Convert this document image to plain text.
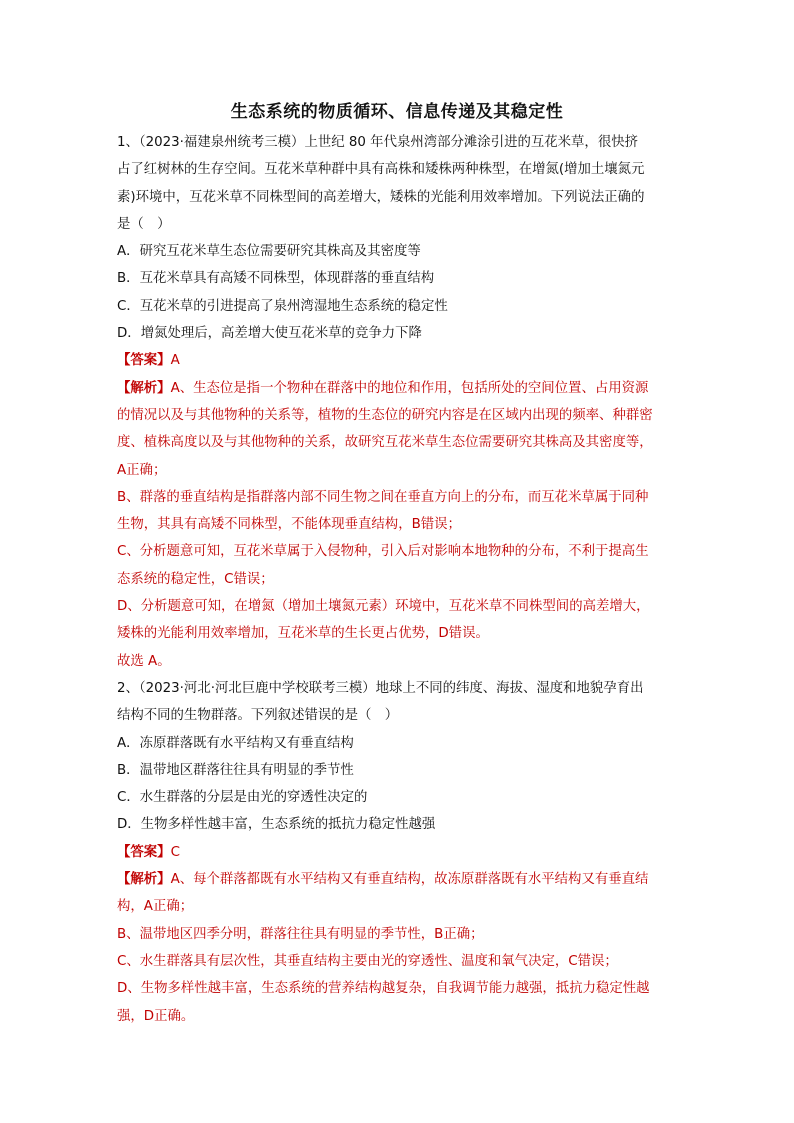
生态系统的物质循环、信息传递及其稳定性
1、（2023·福建泉州统考三模）上世纪 80 年代泉州湾部分滩涂引进的互花米草，很快挤
占了红树林的生存空间。互花米草种群中具有高株和矮株两种株型，在增氮(增加土壤氮元
素)环境中，互花米草不同株型间的高差增大，矮株的光能利用效率增加。下列说法正确的
是（　）
A．研究互花米草生态位需要研究其株高及其密度等
B．互花米草具有高矮不同株型，体现群落的垂直结构
C．互花米草的引进提高了泉州湾湿地生态系统的稳定性
D．增氮处理后，高差增大使互花米草的竞争力下降
【答案】A
【解析】A、生态位是指一个物种在群落中的地位和作用，包括所处的空间位置、占用资源
的情况以及与其他物种的关系等，植物的生态位的研究内容是在区域内出现的频率、种群密
度、植株高度以及与其他物种的关系，故研究互花米草生态位需要研究其株高及其密度等，
A正确；
B、群落的垂直结构是指群落内部不同生物之间在垂直方向上的分布，而互花米草属于同种
生物，其具有高矮不同株型，不能体现垂直结构，B错误；
C、分析题意可知，互花米草属于入侵物种，引入后对影响本地物种的分布，不利于提高生
态系统的稳定性，C错误；
D、分析题意可知，在增氮（增加土壤氮元素）环境中，互花米草不同株型间的高差增大，
矮株的光能利用效率增加，互花米草的生长更占优势，D错误。
故选 A。
2、（2023·河北·河北巨鹿中学校联考三模）地球上不同的纬度、海拔、湿度和地貌孕育出
结构不同的生物群落。下列叙述错误的是（　）
A．冻原群落既有水平结构又有垂直结构
B．温带地区群落往往具有明显的季节性
C．水生群落的分层是由光的穿透性决定的
D．生物多样性越丰富，生态系统的抵抗力稳定性越强
【答案】C
【解析】A、每个群落都既有水平结构又有垂直结构，故冻原群落既有水平结构又有垂直结
构，A正确；
B、温带地区四季分明，群落往往具有明显的季节性，B正确；
C、水生群落具有层次性，其垂直结构主要由光的穿透性、温度和氧气决定，C错误；
D、生物多样性越丰富，生态系统的营养结构越复杂，自我调节能力越强，抵抗力稳定性越
强，D正确。
